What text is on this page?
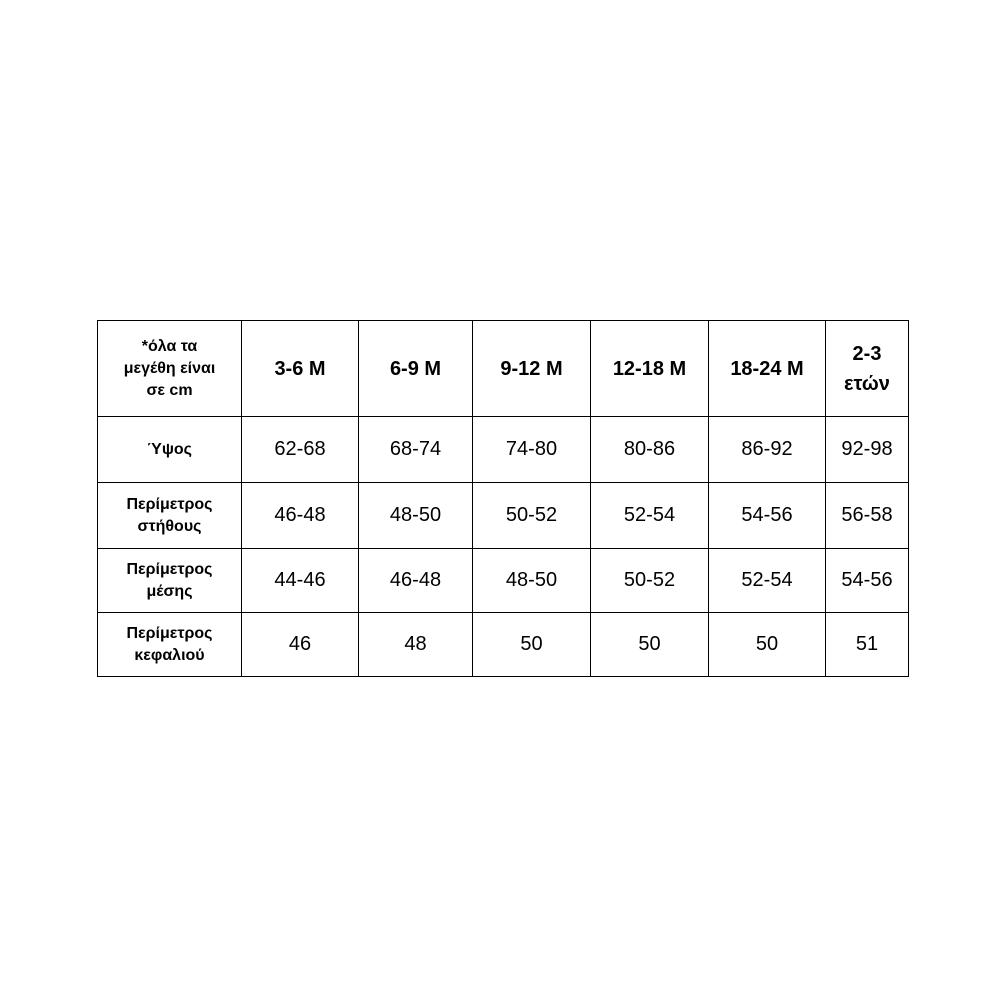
*όλα τα
μεγέθη είναι
σε cm	3-6 M	6-9 M	9-12 M	12-18 M	18-24 M	2-3
ετών
Ύψος	62-68	68-74	74-80	80-86	86-92	92-98
Περίμετρος
στήθους	46-48	48-50	50-52	52-54	54-56	56-58
Περίμετρος
μέσης	44-46	46-48	48-50	50-52	52-54	54-56
Περίμετρος
κεφαλιού	46	48	50	50	50	51
